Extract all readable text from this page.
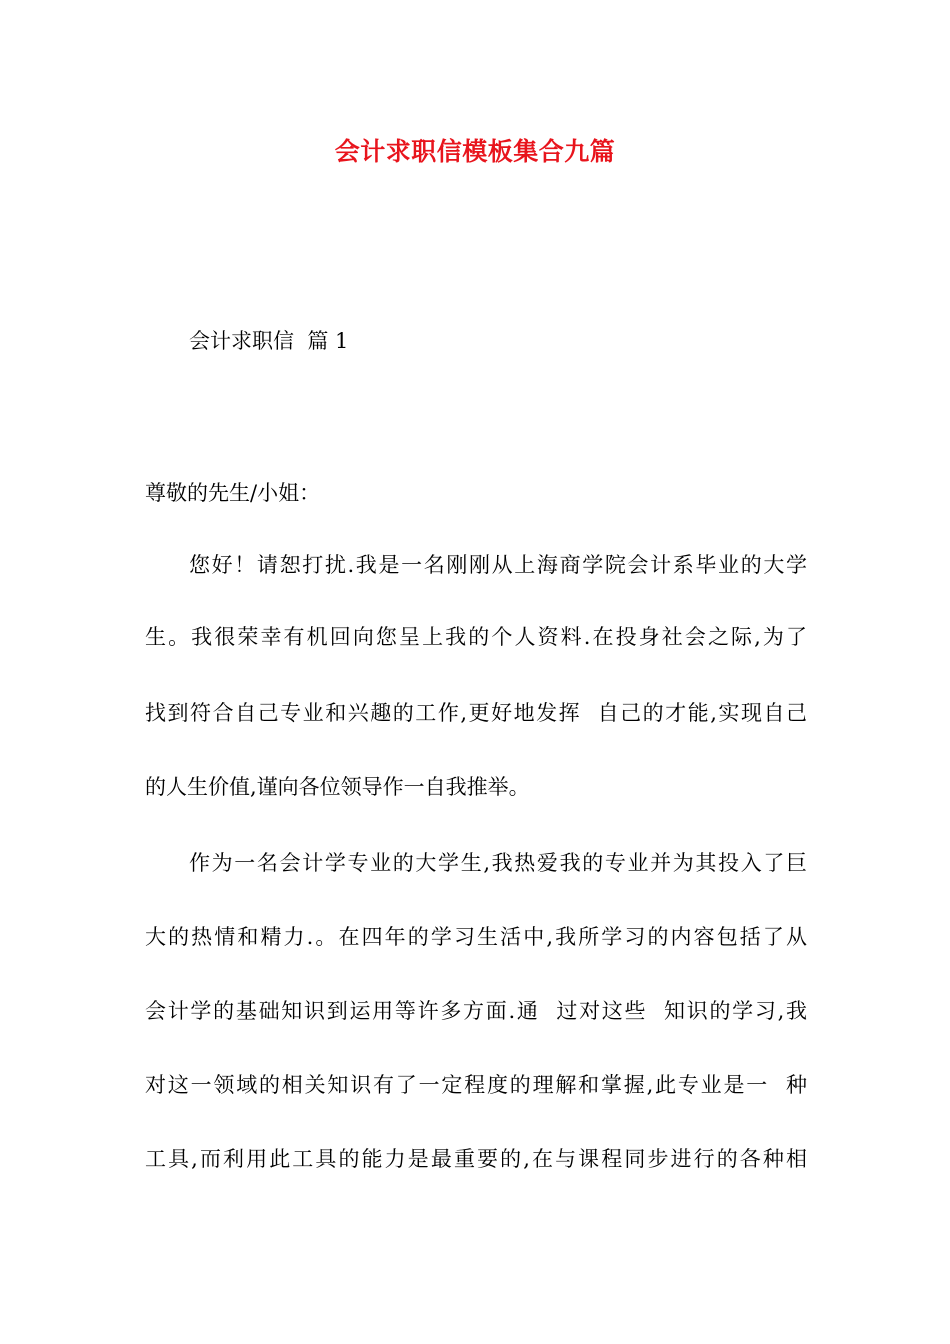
会计求职信模板集合九篇
会计求职信  篇 1
尊敬的先生/小姐：
您好！请恕打扰.我是一名刚刚从上海商学院会计系毕业的大学
生。我很荣幸有机回向您呈上我的个人资料.在投身社会之际,为了
找到符合自己专业和兴趣的工作,更好地发挥  自己的才能,实现自己
的人生价值,谨向各位领导作一自我推举。
作为一名会计学专业的大学生,我热爱我的专业并为其投入了巨
大的热情和精力.。在四年的学习生活中,我所学习的内容包括了从
会计学的基础知识到运用等许多方面.通  过对这些  知识的学习,我
对这一领域的相关知识有了一定程度的理解和掌握,此专业是一  种
工具,而利用此工具的能力是最重要的,在与课程同步进行的各种相
